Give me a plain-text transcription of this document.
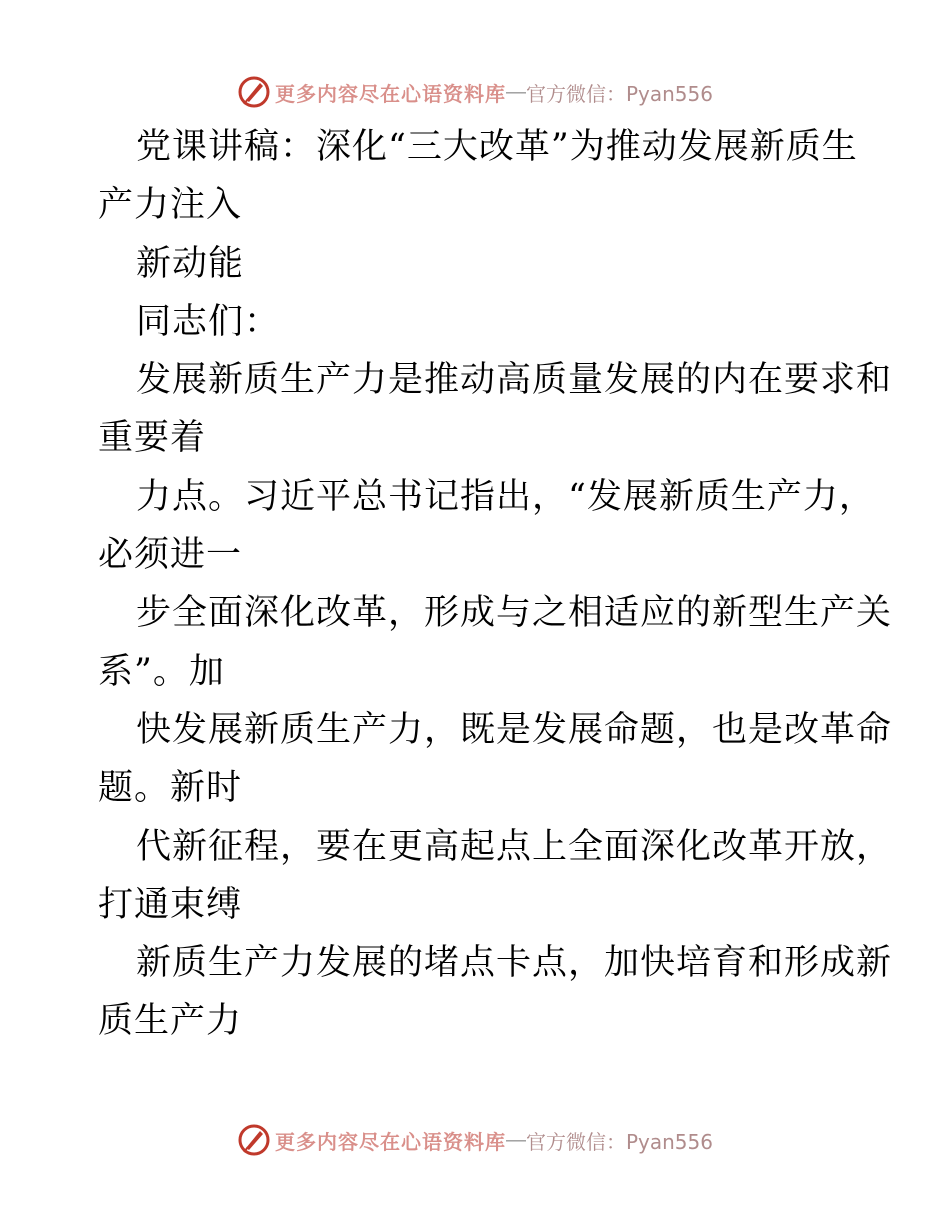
更多内容尽在心语资料库 — 官方微信：Pyan556
党课讲稿：深化“三大改革”为推动发展新质生
产力注入
新动能
同志们：
发展新质生产力是推动高质量发展的内在要求和
重要着
力点。习近平总书记指出，“发展新质生产力，
必须进一
步全面深化改革，形成与之相适应的新型生产关
系”。加
快发展新质生产力，既是发展命题，也是改革命
题。新时
代新征程，要在更高起点上全面深化改革开放，
打通束缚
新质生产力发展的堵点卡点，加快培育和形成新
质生产力
更多内容尽在心语资料库 — 官方微信：Pyan556
